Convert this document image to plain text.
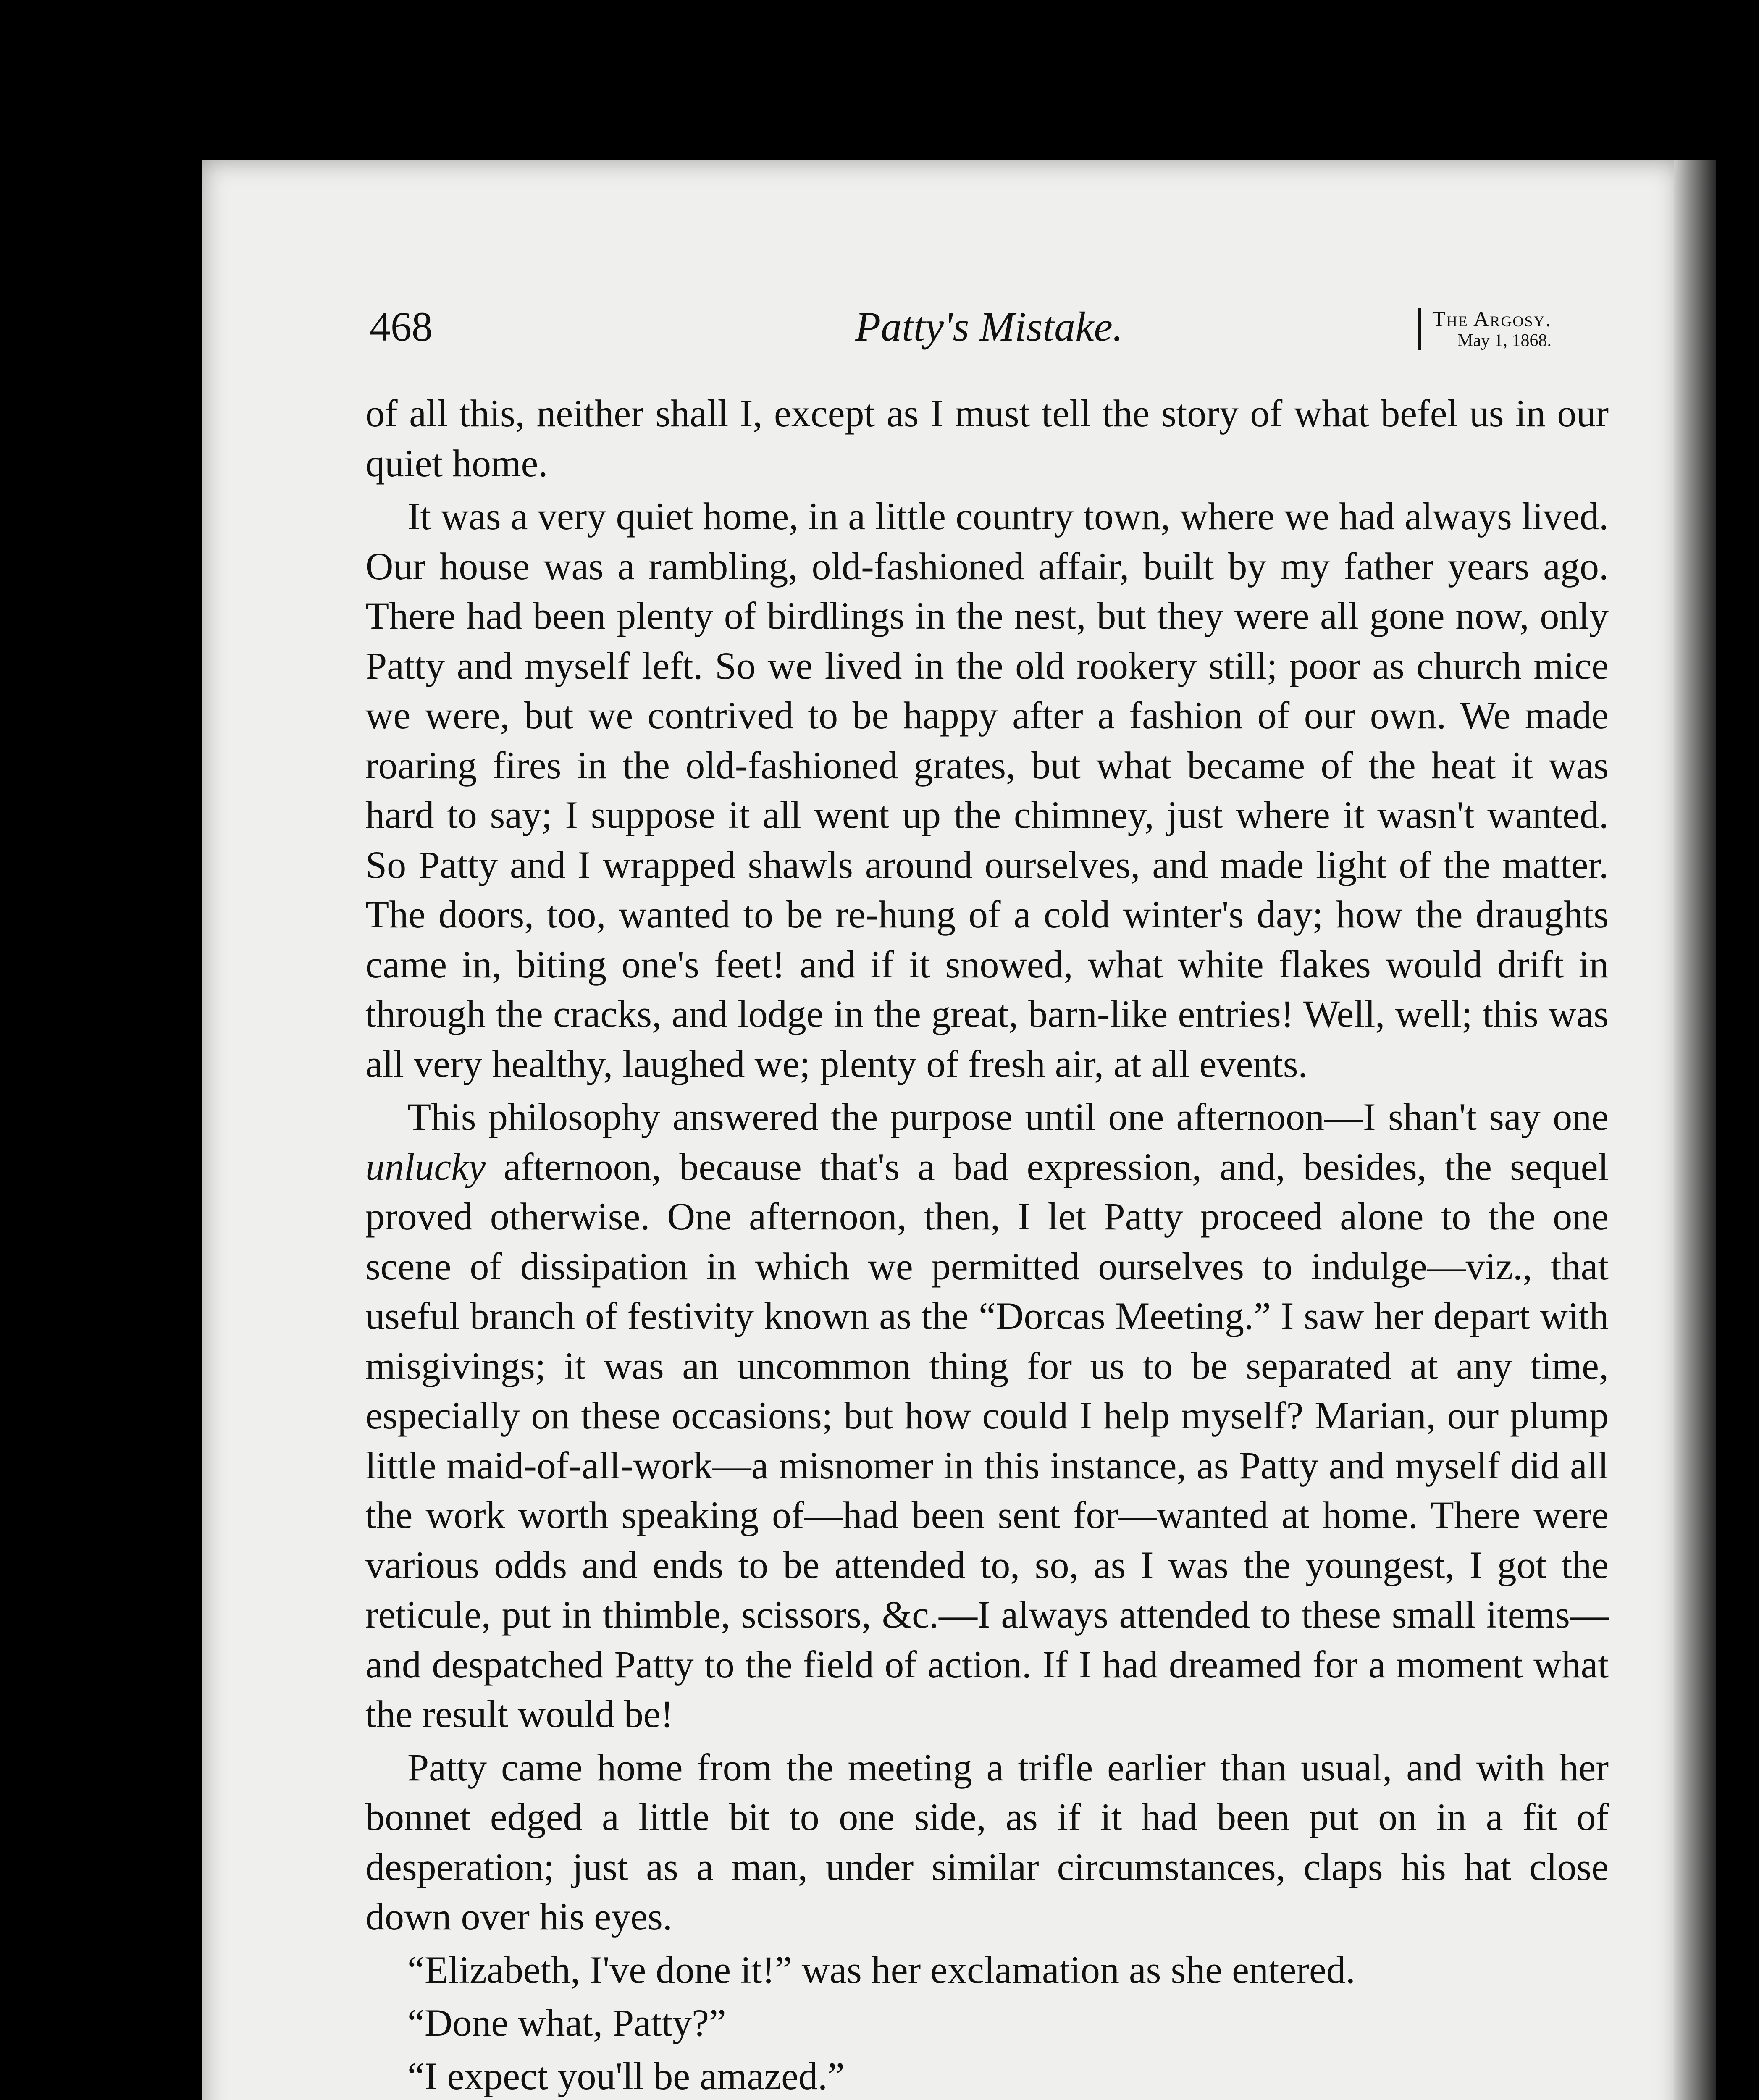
468	Patty's Mistake.	The Argosy.
May 1, 1868.

of all this, neither shall I, except as I must tell the story of what befel us in our quiet home.

It was a very quiet home, in a little country town, where we had always lived. Our house was a rambling, old-fashioned affair, built by my father years ago. There had been plenty of birdlings in the nest, but they were all gone now, only Patty and myself left. So we lived in the old rookery still; poor as church mice we were, but we contrived to be happy after a fashion of our own. We made roaring fires in the old-fashioned grates, but what became of the heat it was hard to say; I suppose it all went up the chimney, just where it wasn't wanted. So Patty and I wrapped shawls around ourselves, and made light of the matter. The doors, too, wanted to be re-hung of a cold winter's day; how the draughts came in, biting one's feet! and if it snowed, what white flakes would drift in through the cracks, and lodge in the great, barn-like entries! Well, well; this was all very healthy, laughed we; plenty of fresh air, at all events.

This philosophy answered the purpose until one afternoon—I shan't say one unlucky afternoon, because that's a bad expression, and, besides, the sequel proved otherwise. One afternoon, then, I let Patty proceed alone to the one scene of dissipation in which we permitted ourselves to indulge—viz., that useful branch of festivity known as the “Dorcas Meeting.” I saw her depart with misgivings; it was an uncommon thing for us to be separated at any time, especially on these occasions; but how could I help myself? Marian, our plump little maid-of-all-work—a misnomer in this instance, as Patty and myself did all the work worth speaking of—had been sent for—wanted at home. There were various odds and ends to be attended to, so, as I was the youngest, I got the reticule, put in thimble, scissors, &c.—I always attended to these small items—and despatched Patty to the field of action. If I had dreamed for a moment what the result would be!

Patty came home from the meeting a trifle earlier than usual, and with her bonnet edged a little bit to one side, as if it had been put on in a fit of desperation; just as a man, under similar circumstances, claps his hat close down over his eyes.

“Elizabeth, I've done it!” was her exclamation as she entered.

“Done what, Patty?”

“I expect you'll be amazed.”
